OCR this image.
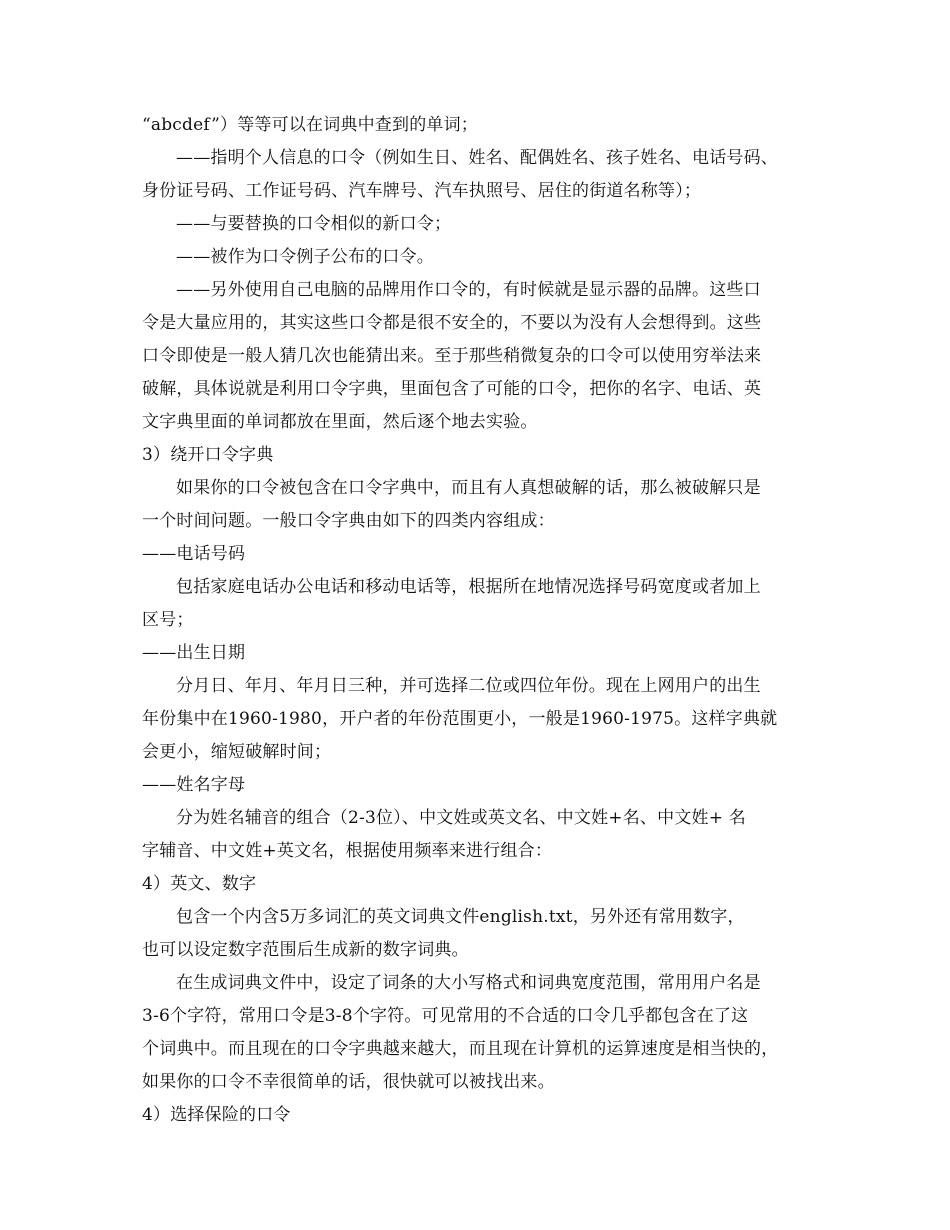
“abcdef”）等等可以在词典中查到的单词；
——指明个人信息的口令（例如生日、姓名、配偶姓名、孩子姓名、电话号码、
身份证号码、工作证号码、汽车牌号、汽车执照号、居住的街道名称等）；
——与要替换的口令相似的新口令；
——被作为口令例子公布的口令。
——另外使用自己电脑的品牌用作口令的，有时候就是显示器的品牌。这些口
令是大量应用的，其实这些口令都是很不安全的，不要以为没有人会想得到。这些
口令即使是一般人猜几次也能猜出来。至于那些稍微复杂的口令可以使用穷举法来
破解，具体说就是利用口令字典，里面包含了可能的口令，把你的名字、电话、英
文字典里面的单词都放在里面，然后逐个地去实验。
3）绕开口令字典
如果你的口令被包含在口令字典中，而且有人真想破解的话，那么被破解只是
一个时间问题。一般口令字典由如下的四类内容组成：
——电话号码
包括家庭电话办公电话和移动电话等，根据所在地情况选择号码宽度或者加上
区号；
——出生日期
分月日、年月、年月日三种，并可选择二位或四位年份。现在上网用户的出生
年份集中在1960-1980，开户者的年份范围更小，一般是1960-1975。这样字典就
会更小，缩短破解时间；
——姓名字母
分为姓名辅音的组合（2-3位）、中文姓或英文名、中文姓+名、中文姓+ 名
字辅音、中文姓+英文名，根据使用频率来进行组合：
4）英文、数字
包含一个内含5万多词汇的英文词典文件english.txt，另外还有常用数字，
也可以设定数字范围后生成新的数字词典。
在生成词典文件中，设定了词条的大小写格式和词典宽度范围，常用用户名是
3-6个字符，常用口令是3-8个字符。可见常用的不合适的口令几乎都包含在了这
个词典中。而且现在的口令字典越来越大，而且现在计算机的运算速度是相当快的，
如果你的口令不幸很简单的话，很快就可以被找出来。
4）选择保险的口令
